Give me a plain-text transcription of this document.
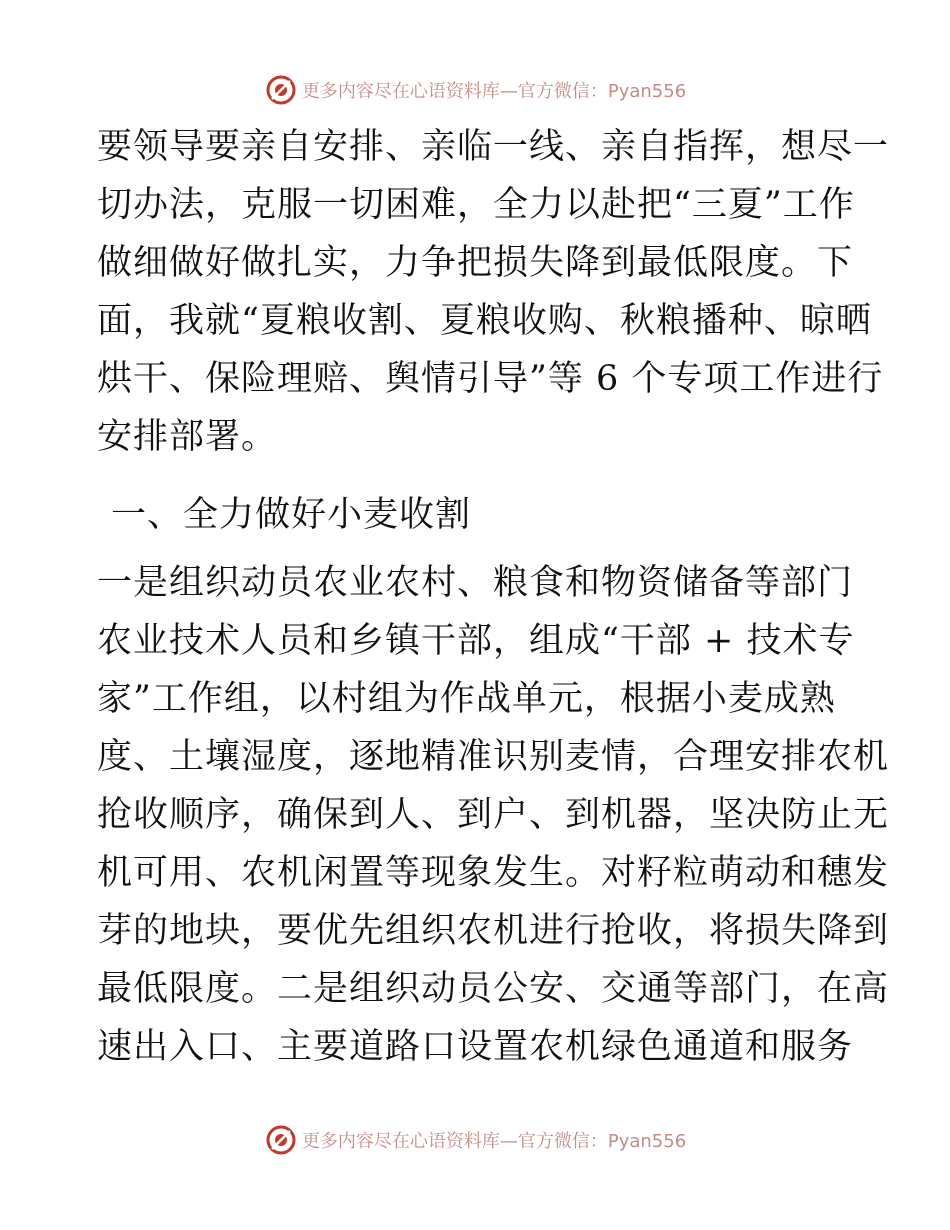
更多内容尽在心语资料库—官方微信：Pyan556
要领导要亲自安排、亲临一线、亲自指挥，想尽一
切办法，克服一切困难，全力以赴把“三夏”工作
做细做好做扎实，力争把损失降到最低限度。下
面，我就“夏粮收割、夏粮收购、秋粮播种、晾晒
烘干、保险理赔、舆情引导”等 6 个专项工作进行
安排部署。
一、全力做好小麦收割
一是组织动员农业农村、粮食和物资储备等部门
农业技术人员和乡镇干部，组成“干部 + 技术专
家”工作组，以村组为作战单元，根据小麦成熟
度、土壤湿度，逐地精准识别麦情，合理安排农机
抢收顺序，确保到人、到户、到机器，坚决防止无
机可用、农机闲置等现象发生。对籽粒萌动和穗发
芽的地块，要优先组织农机进行抢收，将损失降到
最低限度。二是组织动员公安、交通等部门，在高
速出入口、主要道路口设置农机绿色通道和服务
更多内容尽在心语资料库—官方微信：Pyan556
